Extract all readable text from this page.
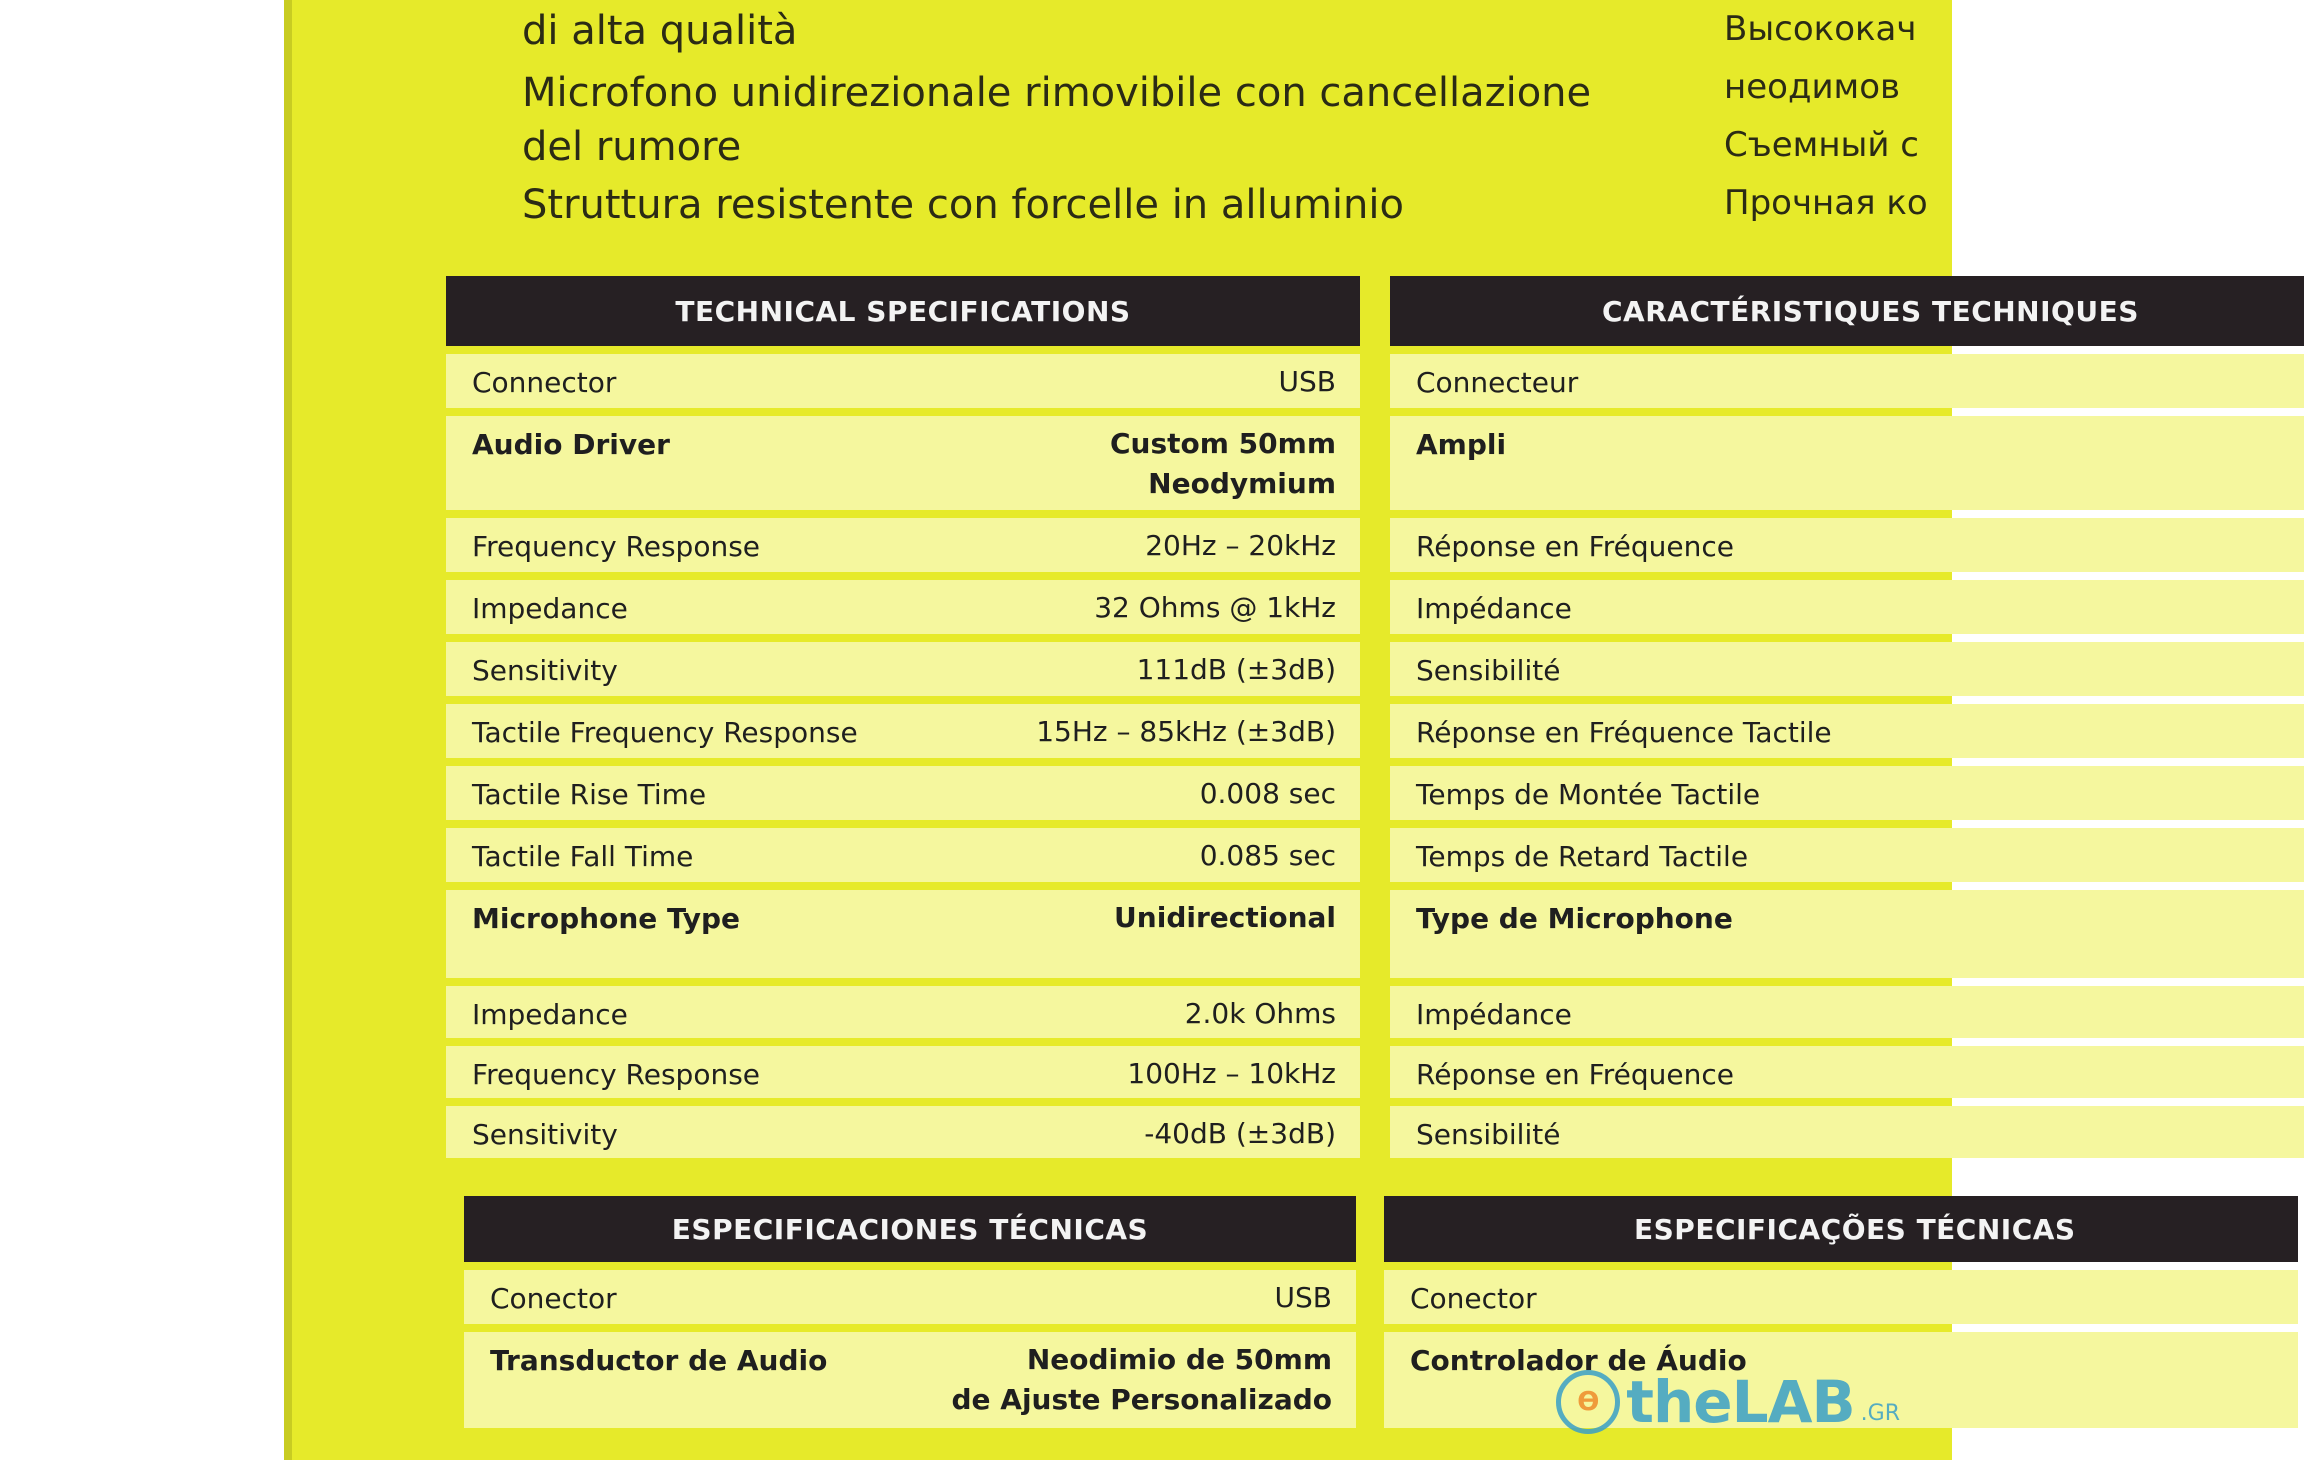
di alta qualità
Microfono unidirezionale rimovibile con cancellazione
del rumore
Struttura resistente con forcelle in alluminio
Высококач
неодимов
Съемный с
Прочная ко
TECHNICAL SPECIFICATIONS
Connector	USB
Audio Driver	Custom 50mm
Neodymium
Frequency Response	20Hz – 20kHz
Impedance	32 Ohms @ 1kHz
Sensitivity	111dB (±3dB)
Tactile Frequency Response	15Hz – 85kHz (±3dB)
Tactile Rise Time	0.008 sec
Tactile Fall Time	0.085 sec
Microphone Type	Unidirectional
Impedance	2.0k Ohms
Frequency Response	100Hz – 10kHz
Sensitivity	-40dB (±3dB)
CARACTÉRISTIQUES TECHNIQUES
Connecteur
Ampli
Réponse en Fréquence
Impédance
Sensibilité
Réponse en Fréquence Tactile
Temps de Montée Tactile
Temps de Retard Tactile
Type de Microphone
Impédance
Réponse en Fréquence
Sensibilité
ESPECIFICACIONES TÉCNICAS
Conector	USB
Transductor de Audio	Neodimio de 50mm
de Ajuste Personalizado
ESPECIFICAÇÕES TÉCNICAS
Conector
Controlador de Áudio
ϴ theLAB .GR
